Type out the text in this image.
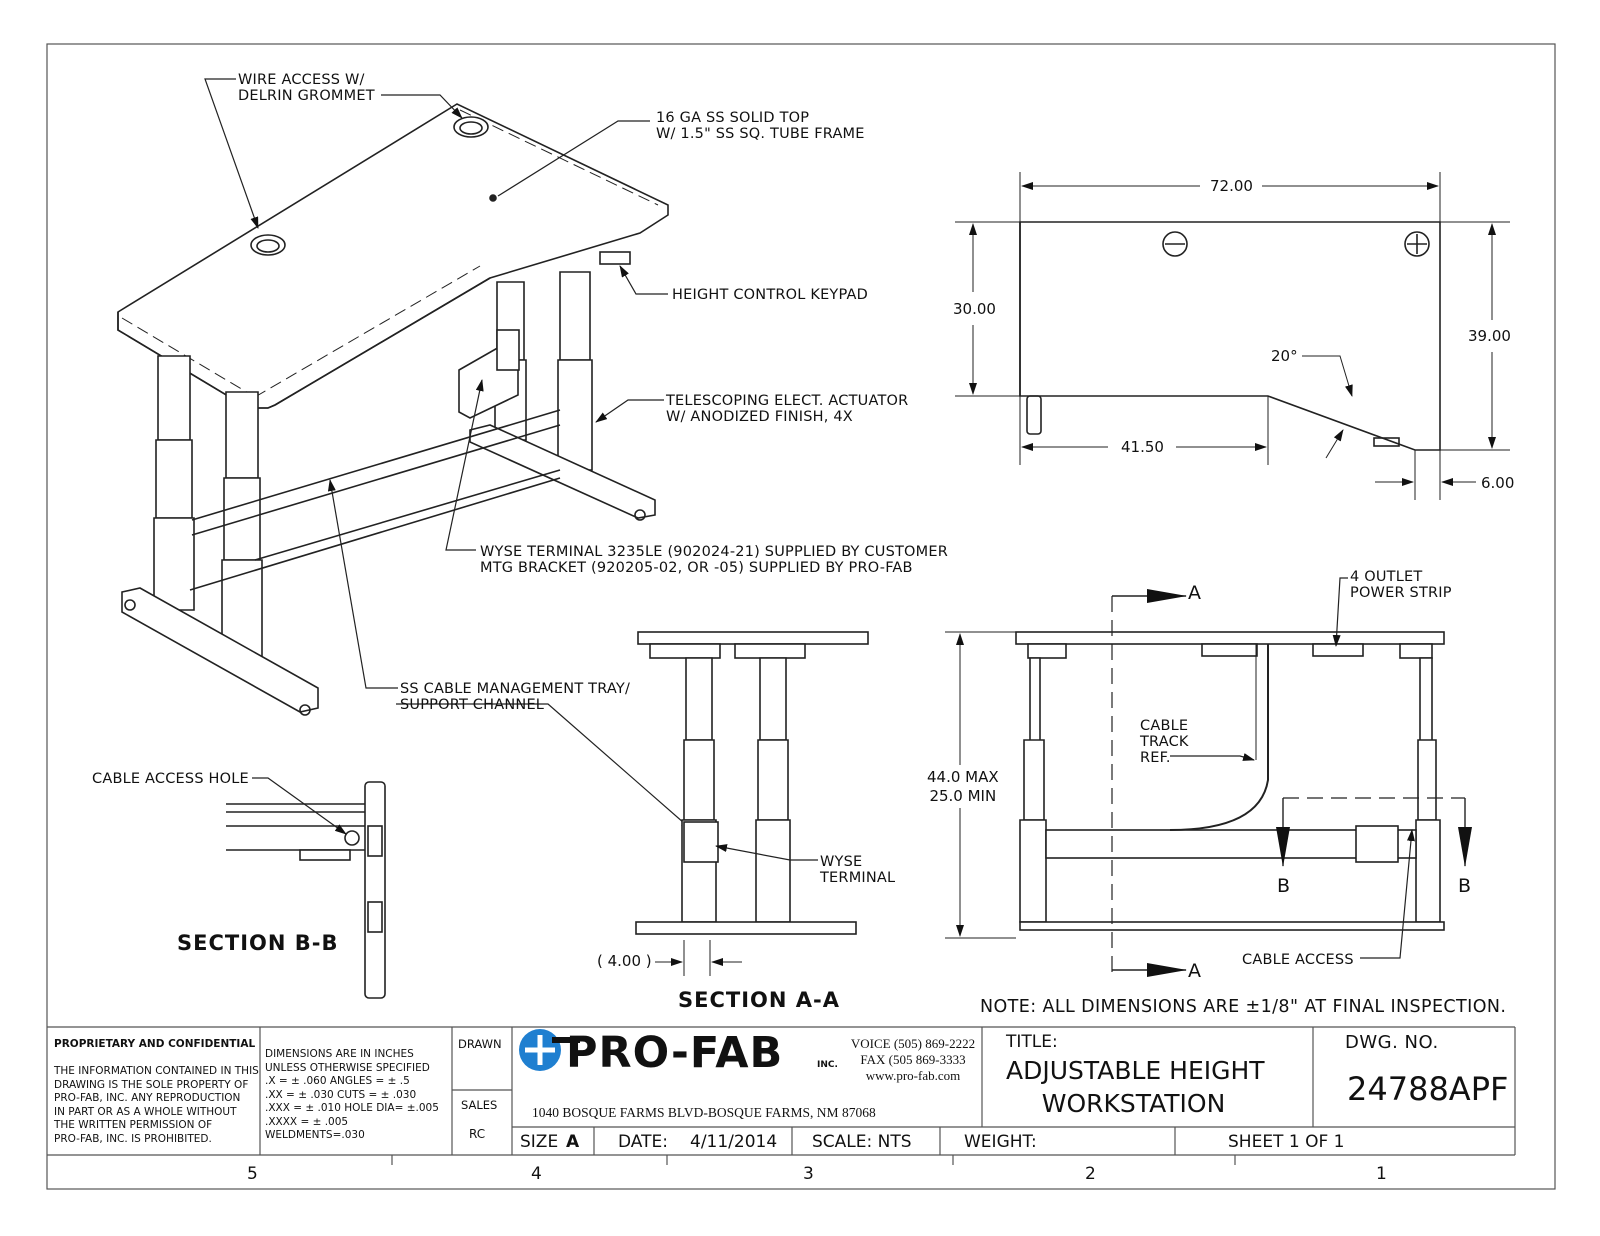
WIRE ACCESS W/
DELRIN GROMMET
16 GA SS SOLID TOP
W/ 1.5" SS SQ. TUBE FRAME
HEIGHT CONTROL KEYPAD
TELESCOPING ELECT. ACTUATOR
W/ ANODIZED FINISH, 4X
WYSE TERMINAL 3235LE (902024-21) SUPPLIED BY CUSTOMER
MTG BRACKET (920205-02, OR -05) SUPPLIED BY PRO-FAB
SS CABLE MANAGEMENT TRAY/
SUPPORT CHANNEL
CABLE ACCESS HOLE
WYSE
TERMINAL
4 OUTLET
POWER STRIP
CABLE
TRACK
REF.
CABLE ACCESS
72.00
30.00
39.00
20°
41.50
6.00
44.0 MAX
25.0 MIN
( 4.00 )
SECTION B-B
SECTION A-A
A
A
B	B
NOTE: ALL DIMENSIONS ARE ±1/8" AT FINAL INSPECTION.
PROPRIETARY AND CONFIDENTIAL
THE INFORMATION CONTAINED IN THIS
DRAWING IS THE SOLE PROPERTY OF
PRO-FAB, INC. ANY REPRODUCTION
IN PART OR AS A WHOLE WITHOUT
THE WRITTEN PERMISSION OF
PRO-FAB, INC. IS PROHIBITED.
DIMENSIONS ARE IN INCHES
UNLESS OTHERWISE SPECIFIED
.X = ± .060 ANGLES = ± .5
.XX = ± .030 CUTS = ± .030
.XXX = ± .010 HOLE DIA= ±.005
.XXXX = ± .005
WELDMENTS=.030
DRAWN
SALES
RC
PRO-FAB	INC.
VOICE (505) 869-2222
FAX (505 869-3333
www.pro-fab.com
1040 BOSQUE FARMS BLVD-BOSQUE FARMS, NM 87068
TITLE:
ADJUSTABLE HEIGHT
WORKSTATION
DWG. NO.
24788APF
SIZE A DATE: 4/11/2014 SCALE: NTS	WEIGHT:	SHEET 1 OF 1
5	4	3	2	1
